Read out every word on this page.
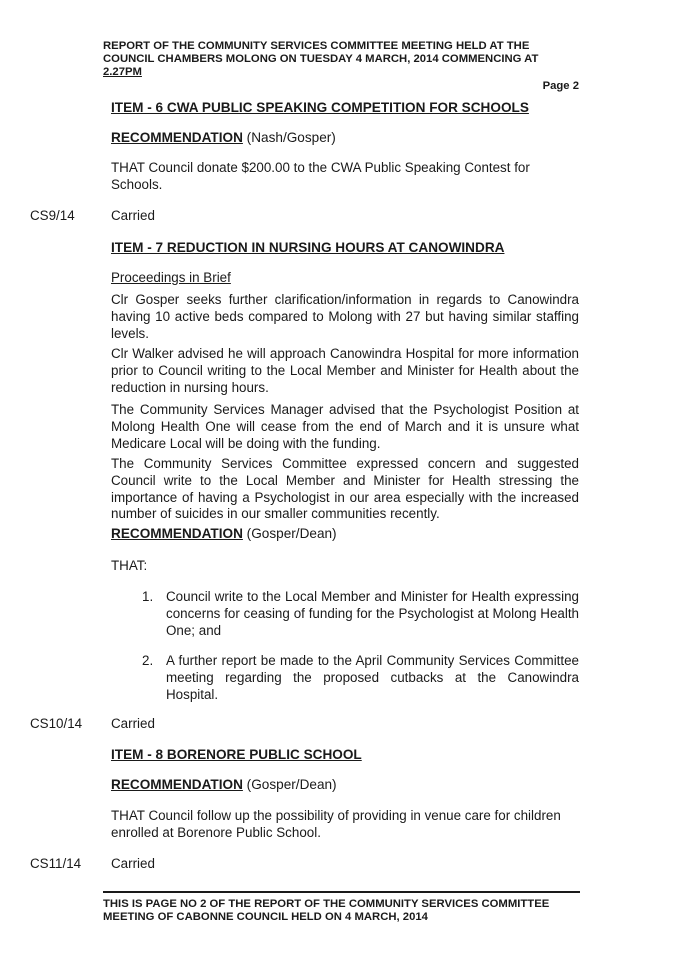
REPORT OF THE COMMUNITY SERVICES COMMITTEE MEETING HELD AT THE
COUNCIL CHAMBERS MOLONG ON TUESDAY 4 MARCH, 2014 COMMENCING AT
2.27PM
Page 2
ITEM - 6 CWA PUBLIC SPEAKING COMPETITION FOR SCHOOLS
RECOMMENDATION (Nash/Gosper)

THAT Council donate $200.00 to the CWA Public Speaking Contest for

Schools.

CS9/14	Carried
ITEM - 7 REDUCTION IN NURSING HOURS AT CANOWINDRA
Proceedings in Brief

Clr Gosper seeks further clarification/information in regards to Canowindra having 10 active beds compared to Molong with 27 but having similar staffing levels.

Clr Walker advised he will approach Canowindra Hospital for more information prior to Council writing to the Local Member and Minister for Health about the reduction in nursing hours.

The Community Services Manager advised that the Psychologist Position at Molong Health One will cease from the end of March and it is unsure what Medicare Local will be doing with the funding.

The Community Services Committee expressed concern and suggested Council write to the Local Member and Minister for Health stressing the importance of having a Psychologist in our area especially with the increased number of suicides in our smaller communities recently.

RECOMMENDATION (Gosper/Dean)

THAT:

1. Council write to the Local Member and Minister for Health expressing concerns for ceasing of funding for the Psychologist at Molong Health One; and

2. A further report be made to the April Community Services Committee meeting regarding the proposed cutbacks at the Canowindra Hospital.

CS10/14 Carried
ITEM - 8 BORENORE PUBLIC SCHOOL
RECOMMENDATION (Gosper/Dean)

THAT Council follow up the possibility of providing in venue care for children

enrolled at Borenore Public School.

CS11/14 Carried
THIS IS PAGE NO 2 OF THE REPORT OF THE COMMUNITY SERVICES COMMITTEE
MEETING OF CABONNE COUNCIL HELD ON 4 MARCH, 2014
